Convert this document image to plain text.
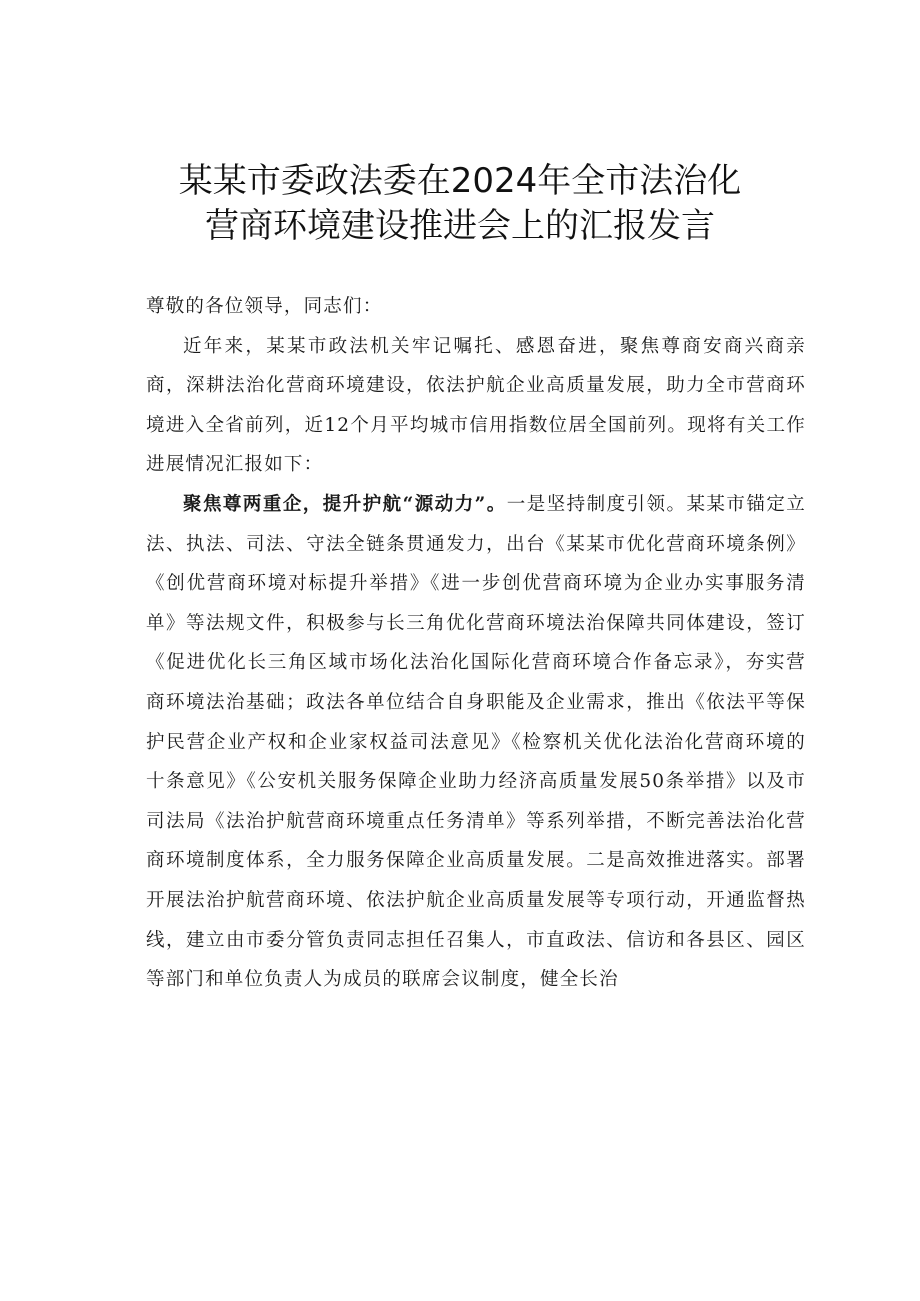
某某市委政法委在2024年全市法治化
营商环境建设推进会上的汇报发言

尊敬的各位领导，同志们：

近年来，某某市政法机关牢记嘱托、感恩奋进，聚焦尊商安商兴商亲商，深耕法治化营商环境建设，依法护航企业高质量发展，助力全市营商环境进入全省前列，近12个月平均城市信用指数位居全国前列。现将有关工作进展情况汇报如下：

聚焦尊两重企，提升护航“源动力”。一是坚持制度引领。某某市锚定立法、执法、司法、守法全链条贯通发力，出台《某某市优化营商环境条例》《创优营商环境对标提升举措》《进一步创优营商环境为企业办实事服务清单》等法规文件，积极参与长三角优化营商环境法治保障共同体建设，签订《促进优化长三角区域市场化法治化国际化营商环境合作备忘录》，夯实营商环境法治基础；政法各单位结合自身职能及企业需求，推出《依法平等保护民营企业产权和企业家权益司法意见》《检察机关优化法治化营商环境的十条意见》《公安机关服务保障企业助力经济高质量发展50条举措》以及市司法局《法治护航营商环境重点任务清单》等系列举措，不断完善法治化营商环境制度体系，全力服务保障企业高质量发展。二是高效推进落实。部署开展法治护航营商环境、依法护航企业高质量发展等专项行动，开通监督热线，建立由市委分管负责同志担任召集人，市直政法、信访和各县区、园区等部门和单位负责人为成员的联席会议制度，健全长治
